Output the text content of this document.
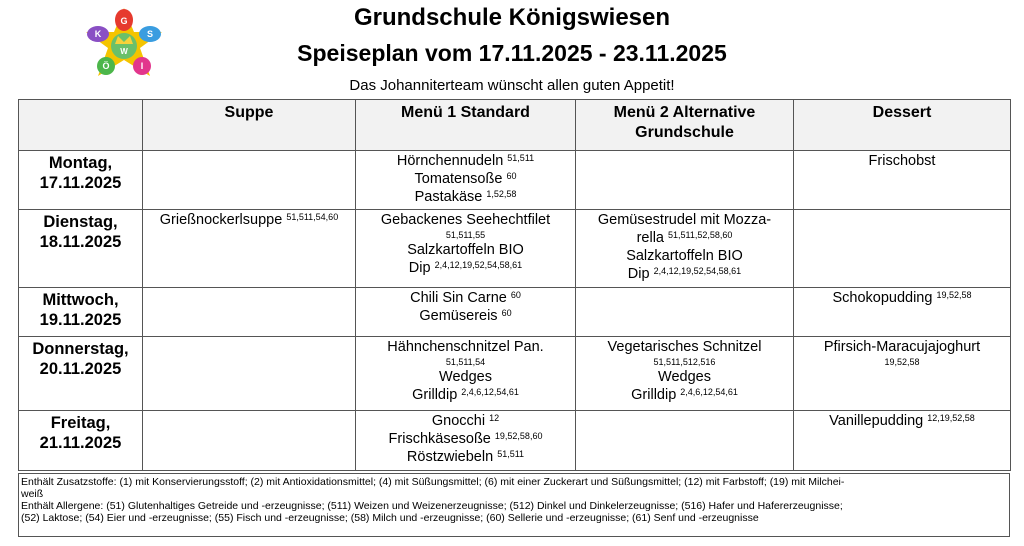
G
S
K
I
Ö
W
Grundschule Königswiesen
Speiseplan vom 17.11.2025 - 23.11.2025
Das Johanniterteam wünscht allen guten Appetit!
	Suppe	Menü 1 Standard	Menü 2 Alternative Grundschule	Dessert

Montag,
17.11.2025		Hörnchennudeln $^{51,511}$
Tomatensoße $^{60}$
Pastakäse $^{1,52,58}$		Frischobst

Dienstag,
18.11.2025	Grießnockerlsuppe $^{51,511,54,60}$	Gebackenes Seehechtfilet
51,511,55
Salzkartoffeln BIO
Dip $^{2,4,12,19,52,54,58,61}$	Gemüsestrudel mit Mozza-
rella $^{51,511,52,58,60}$
Salzkartoffeln BIO
Dip $^{2,4,12,19,52,54,58,61}$

Mittwoch,
19.11.2025		Chili Sin Carne $^{60}$
Gemüsereis $^{60}$		Schokopudding $^{19,52,58}$

Donnerstag,
20.11.2025		Hähnchenschnitzel Pan.
51,511,54
Wedges
Grilldip $^{2,4,6,12,54,61}$	Vegetarisches Schnitzel
51,511,512,516
Wedges
Grilldip $^{2,4,6,12,54,61}$	Pfirsich-Maracujajoghurt
19,52,58

Freitag,
21.11.2025		Gnocchi $^{12}$
Frischkäsesoße $^{19,52,58,60}$
Röstzwiebeln $^{51,511}$		Vanillepudding $^{12,19,52,58}$
Enthält Zusatzstoffe: (1) mit Konservierungsstoff; (2) mit Antioxidationsmittel; (4) mit Süßungsmittel; (6) mit einer Zuckerart und Süßungsmittel; (12) mit Farbstoff; (19) mit Milchei-
weiß
Enthält Allergene: (51) Glutenhaltiges Getreide und -erzeugnisse; (511) Weizen und Weizenerzeugnisse; (512) Dinkel und Dinkelerzeugnisse; (516) Hafer und Hafererzeugnisse;
(52) Laktose; (54) Eier und -erzeugnisse; (55) Fisch und -erzeugnisse; (58) Milch und -erzeugnisse; (60) Sellerie und -erzeugnisse; (61) Senf und -erzeugnisse
